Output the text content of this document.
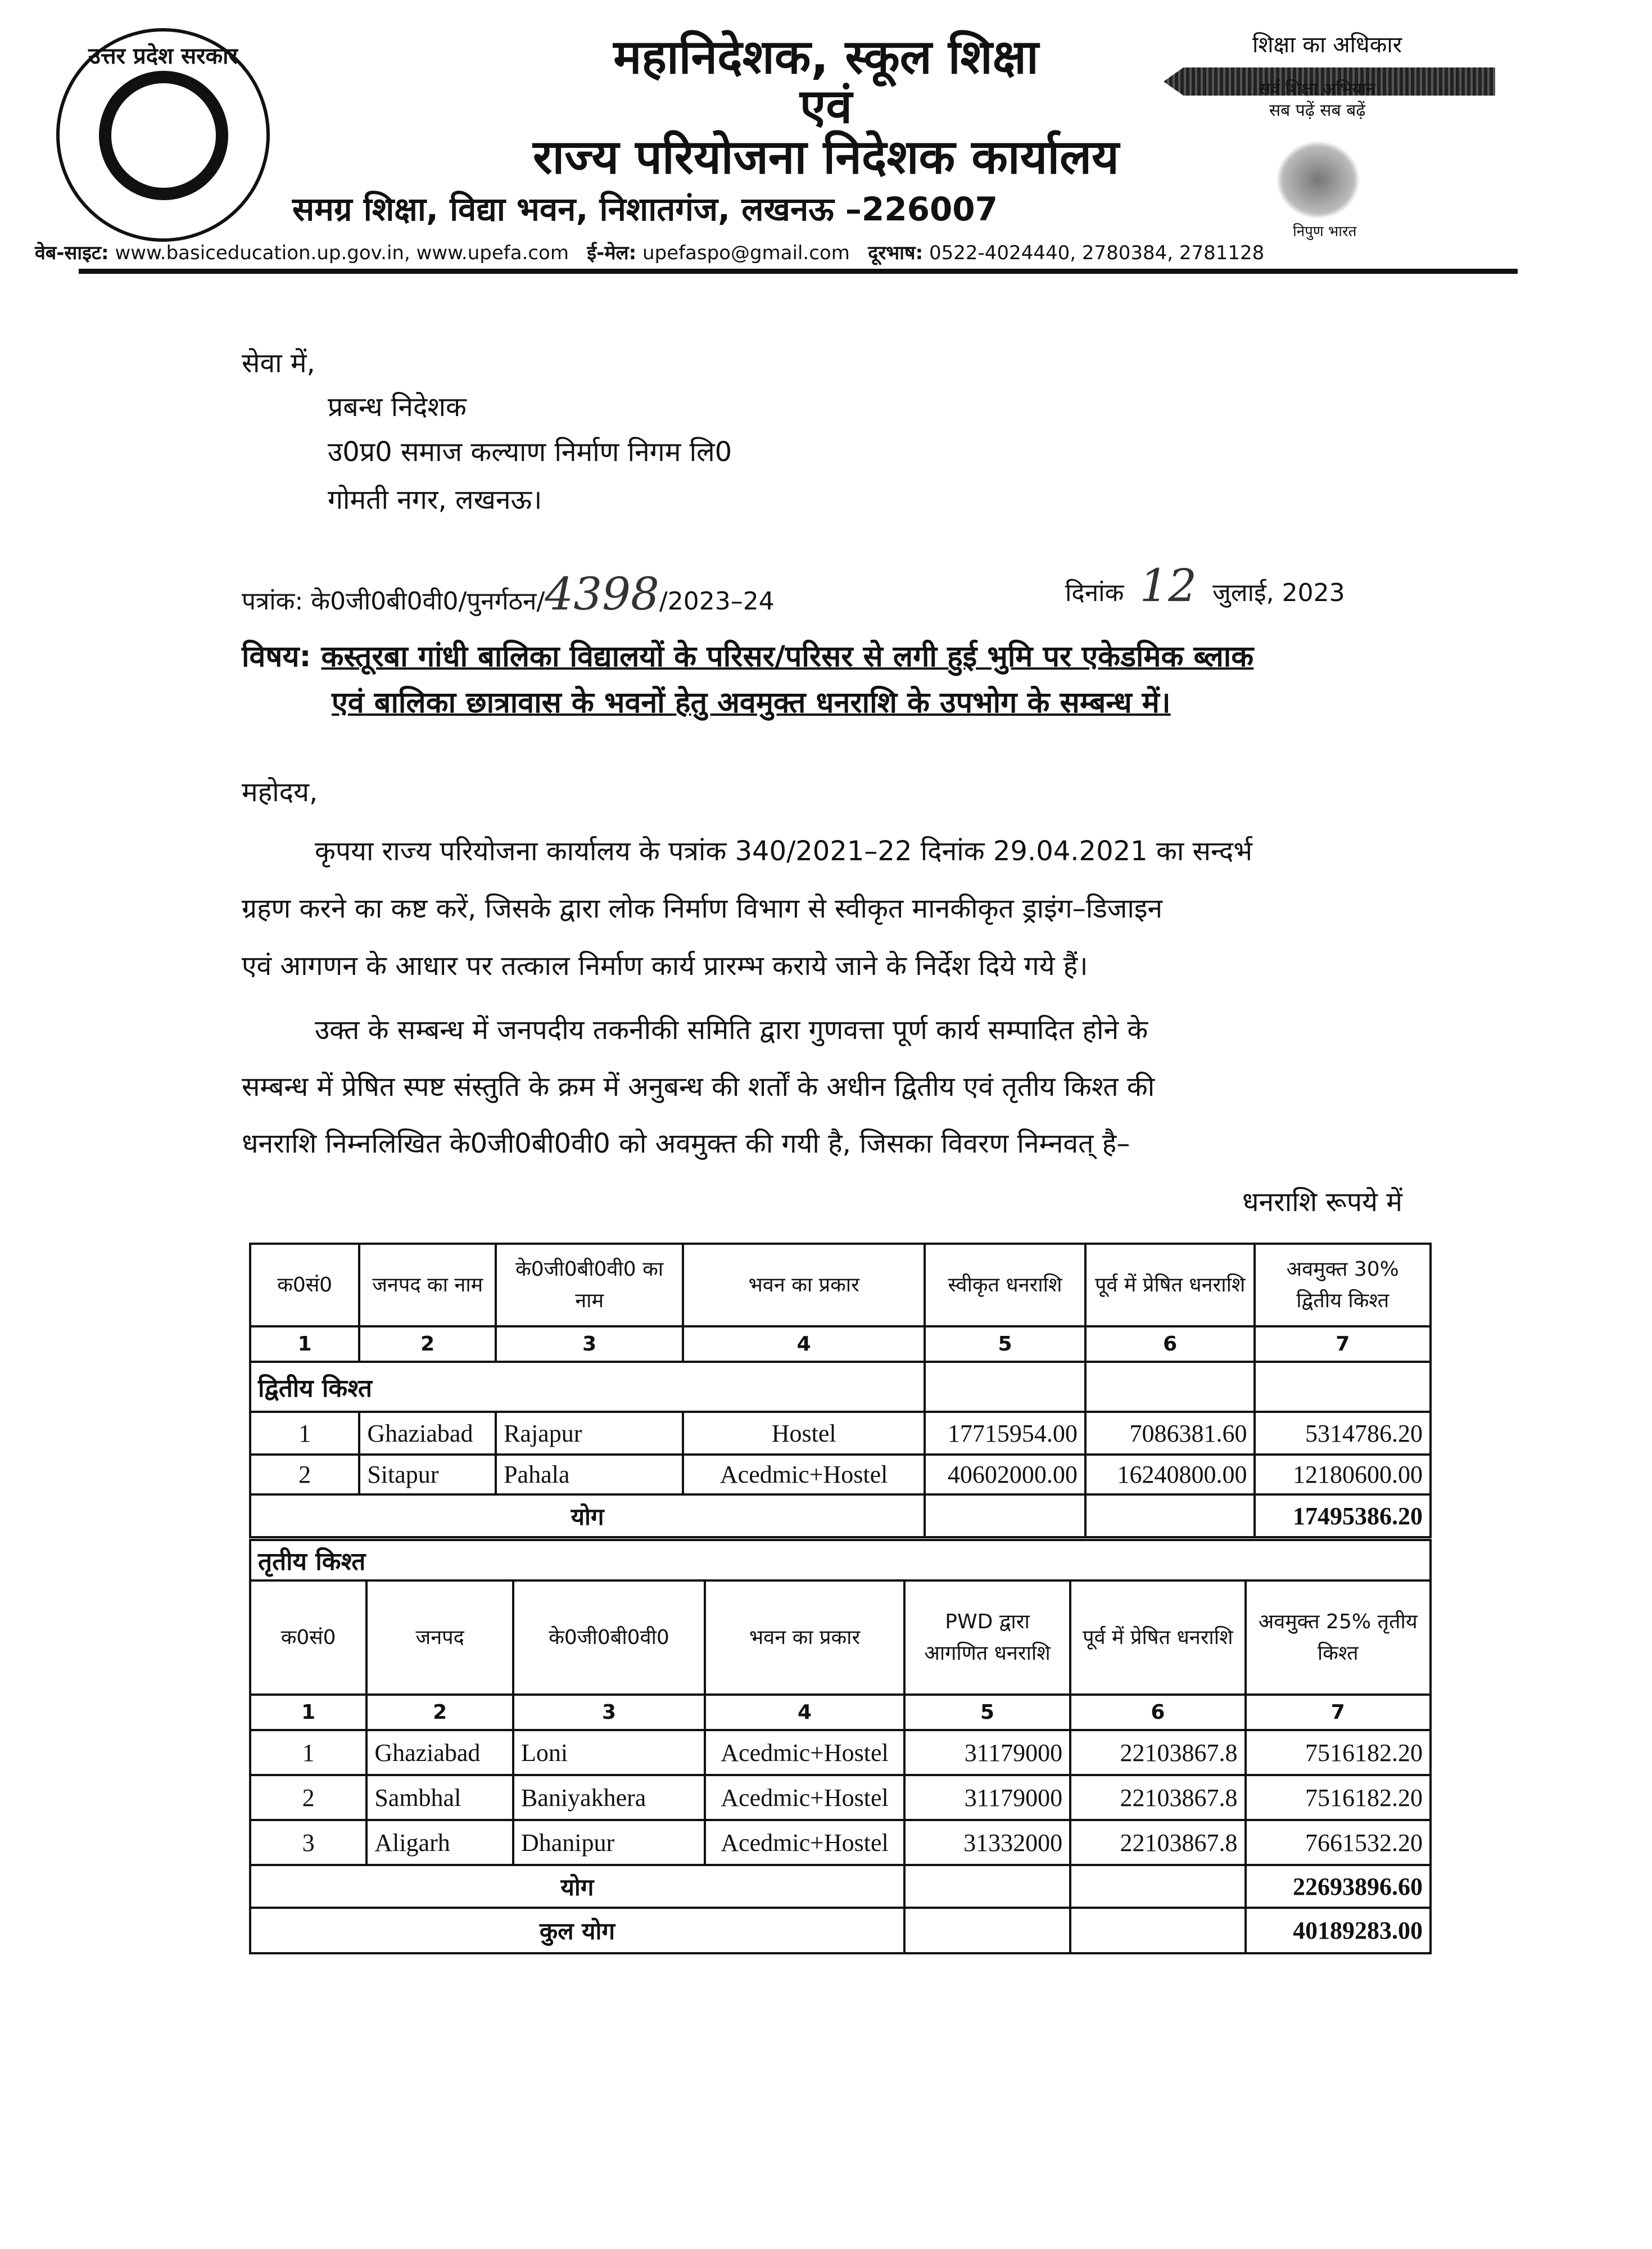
उत्तर प्रदेश सरकार	महानिदेशक, स्कूल शिक्षा
एवं
राज्य परियोजना निदेशक कार्यालय
समग्र शिक्षा, विद्या भवन, निशातगंज, लखनऊ –226007
शिक्षा का अधिकार
सर्व शिक्षा अभियान
सब पढ़ें सब बढ़ें
निपुण भारत
वेब-साइट: www.basiceducation.up.gov.in, www.upefa.com ई-मेल: upefaspo@gmail.com दूरभाष: 0522-4024440, 2780384, 2781128
सेवा में,
प्रबन्ध निदेशक
उ0प्र0 समाज कल्याण निर्माण निगम लि0
गोमती नगर, लखनऊ।
पत्रांक: के0जी0बी0वी0/पुनर्गठन/4398/2023–24	दिनांक 12 जुलाई, 2023
विषय: कस्तूरबा गांधी बालिका विद्यालयों के परिसर/परिसर से लगी हुई भुमि पर एकेडमिक ब्लाक
एवं बालिका छात्रावास के भवनों हेतु अवमुक्त धनराशि के उपभोग के सम्बन्ध में।
महोदय,
कृपया राज्य परियोजना कार्यालय के पत्रांक 340/2021–22 दिनांक 29.04.2021 का सन्दर्भ
ग्रहण करने का कष्ट करें, जिसके द्वारा लोक निर्माण विभाग से स्वीकृत मानकीकृत ड्राइंग–डिजाइन
एवं आगणन के आधार पर तत्काल निर्माण कार्य प्रारम्भ कराये जाने के निर्देश दिये गये हैं।
उक्त के सम्बन्ध में जनपदीय तकनीकी समिति द्वारा गुणवत्ता पूर्ण कार्य सम्पादित होने के
सम्बन्ध में प्रेषित स्पष्ट संस्तुति के क्रम में अनुबन्ध की शर्तों के अधीन द्वितीय एवं तृतीय किश्त की
धनराशि निम्नलिखित के0जी0बी0वी0 को अवमुक्त की गयी है, जिसका विवरण निम्नवत् है–
धनराशि रूपये में
क0सं0	जनपद का नाम	के0जी0बी0वी0 का नाम	भवन का प्रकार	स्वीकृत धनराशि	पूर्व में प्रेषित धनराशि	अवमुक्त 30% द्वितीय किश्त
1	2	3	4	5	6	7
द्वितीय किश्त						
1	Ghaziabad	Rajapur	Hostel	17715954.00	7086381.60	5314786.20
2	Sitapur	Pahala	Acedmic+Hostel	40602000.00	16240800.00	12180600.00
योग						17495386.20
तृतीय किश्त						
क0सं0	जनपद	के0जी0बी0वी0	भवन का प्रकार	PWD द्वारा आगणित धनराशि	पूर्व में प्रेषित धनराशि	अवमुक्त 25% तृतीय किश्त
1	2	3	4	5	6	7
1	Ghaziabad	Loni	Acedmic+Hostel	31179000	22103867.8	7516182.20
2	Sambhal	Baniyakhera	Acedmic+Hostel	31179000	22103867.8	7516182.20
3	Aligarh	Dhanipur	Acedmic+Hostel	31332000	22103867.8	7661532.20
योग						22693896.60
कुल योग						40189283.00
